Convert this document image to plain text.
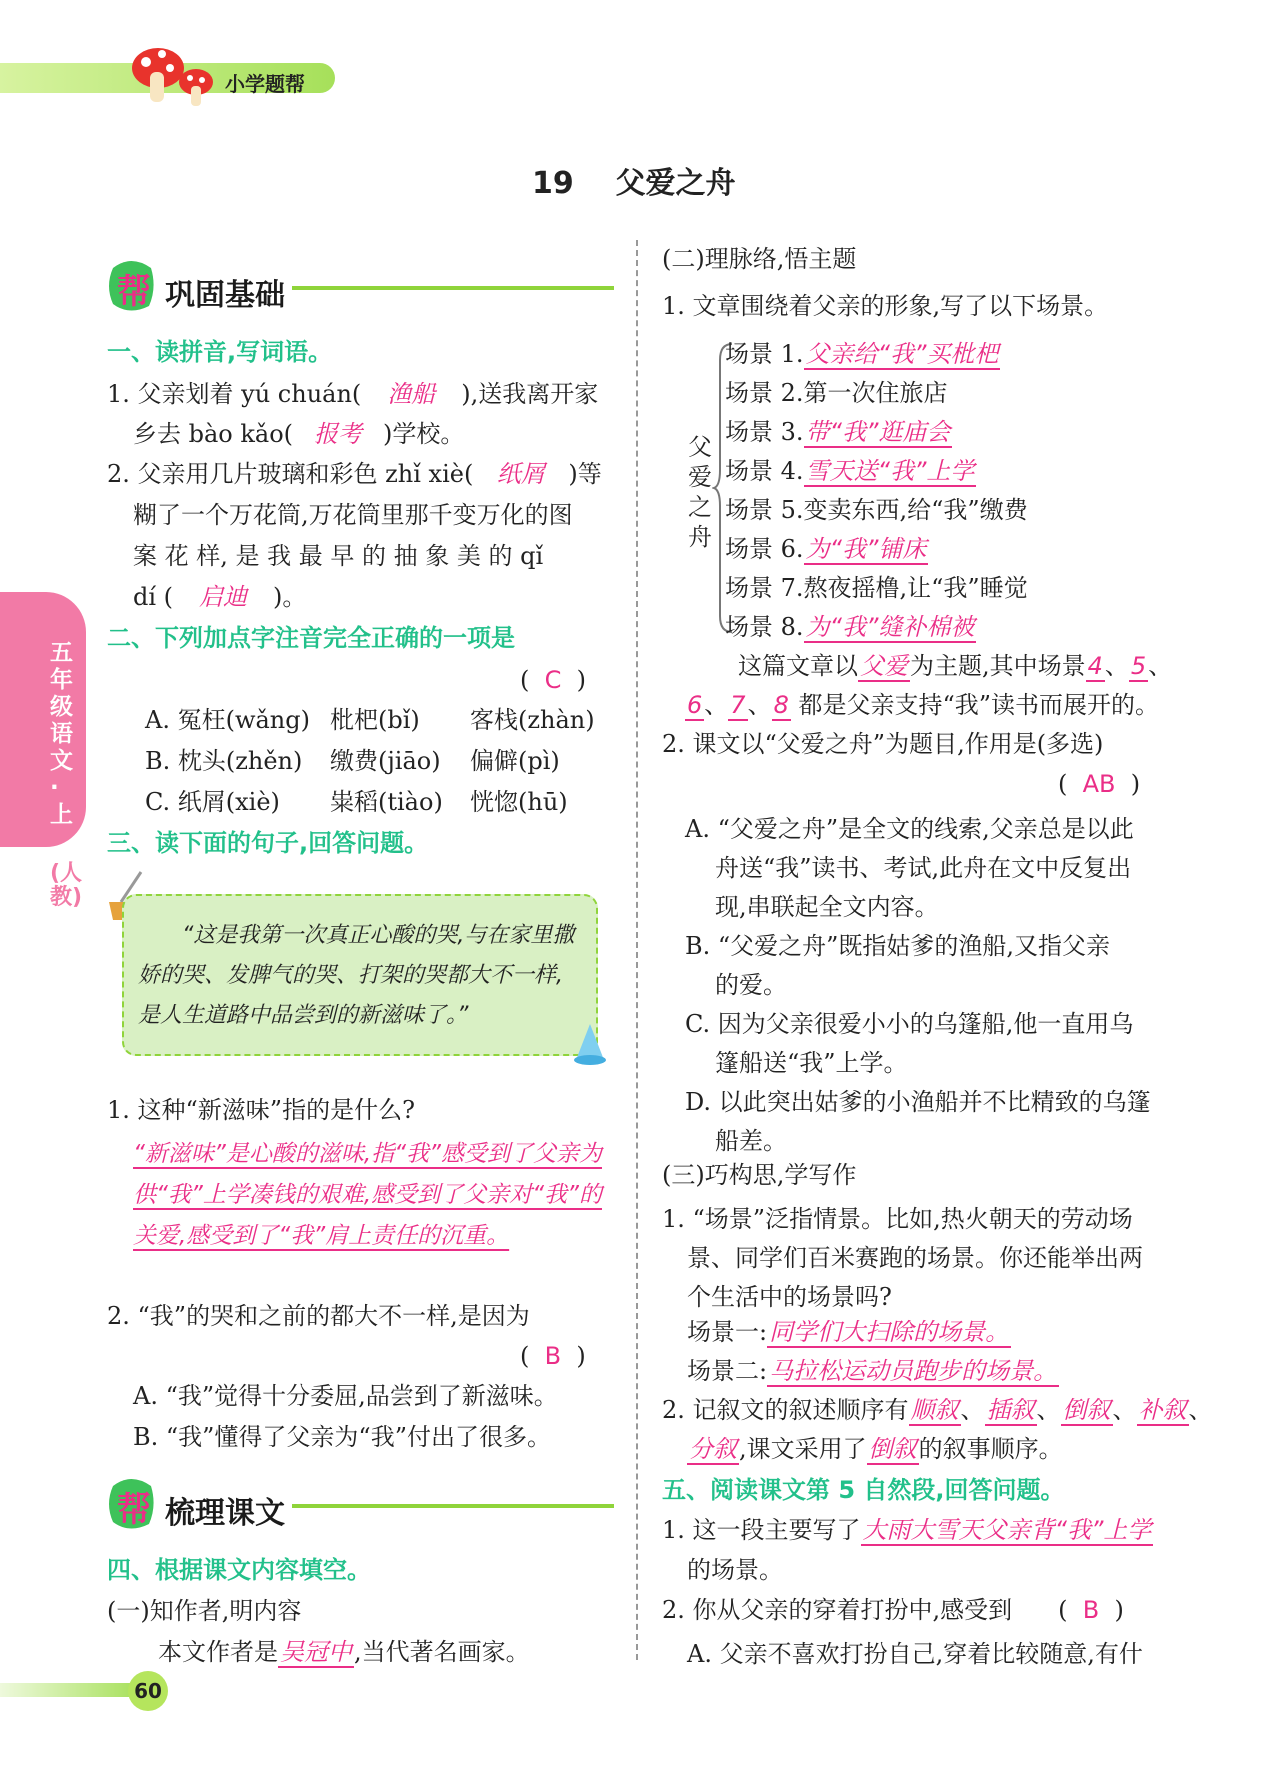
小学题帮
19 父爱之舟
五年级语文·上
(人教)
帮 巩固基础
一、读拼音,写词语。
1. 父亲划着 yú chuán( 渔船 ),送我离开家
乡去 bào kǎo( 报考 )学校。
2. 父亲用几片玻璃和彩色 zhǐ xiè( 纸屑 )等
糊了一个万花筒,万花筒里那千变万化的图
案 花 样, 是 我 最 早 的 抽 象 美 的 qǐ
dí ( 启迪 )。
二、下列加点字注音完全正确的一项是
(  C  )
A. 冤枉(wǎng) 枇杷(bǐ) 客栈(zhàn)
B. 枕头(zhěn) 缴费(jiāo) 偏僻(pì)
C. 纸屑(xiè) 粜稻(tiào) 恍惚(hū)
三、读下面的句子,回答问题。
“这是我第一次真正心酸的哭,与在家里撒娇的哭、发脾气的哭、打架的哭都大不一样,是人生道路中品尝到的新滋味了。”
1. 这种“新滋味”指的是什么?
“新滋味”是心酸的滋味,指“我”感受到了父亲为供“我”上学凑钱的艰难,感受到了父亲对“我”的关爱,感受到了“我”肩上责任的沉重。
2. “我”的哭和之前的都大不一样,是因为
(  B  )
A. “我”觉得十分委屈,品尝到了新滋味。
B. “我”懂得了父亲为“我”付出了很多。
帮 梳理课文
四、根据课文内容填空。
(一)知作者,明内容
本文作者是吴冠中,当代著名画家。
(二)理脉络,悟主题
1. 文章围绕着父亲的形象,写了以下场景。
父爱之舟
场景 1.父亲给“我”买枇杷
场景 2.第一次住旅店
场景 3.带“我”逛庙会
场景 4.雪天送“我”上学
场景 5.变卖东西,给“我”缴费
场景 6.为“我”铺床
场景 7.熬夜摇橹,让“我”睡觉
场景 8.为“我”缝补棉被
这篇文章以父爱为主题,其中场景4、5、
6、7、8 都是父亲支持“我”读书而展开的。
2. 课文以“父爱之舟”为题目,作用是(多选)
(  AB  )
A. “父爱之舟”是全文的线索,父亲总是以此
舟送“我”读书、考试,此舟在文中反复出
现,串联起全文内容。
B. “父爱之舟”既指姑爹的渔船,又指父亲
的爱。
C. 因为父亲很爱小小的乌篷船,他一直用乌
篷船送“我”上学。
D. 以此突出姑爹的小渔船并不比精致的乌篷
船差。
(三)巧构思,学写作
1. “场景”泛指情景。比如,热火朝天的劳动场
景、同学们百米赛跑的场景。你还能举出两
个生活中的场景吗?
场景一:同学们大扫除的场景。
场景二:马拉松运动员跑步的场景。
2. 记叙文的叙述顺序有顺叙、插叙、倒叙、补叙、
分叙,课文采用了倒叙的叙事顺序。
五、阅读课文第 5 自然段,回答问题。
1. 这一段主要写了大雨大雪天父亲背“我”上学
的场景。
2. 你从父亲的穿着打扮中,感受到 (  B  )
A. 父亲不喜欢打扮自己,穿着比较随意,有什
60
